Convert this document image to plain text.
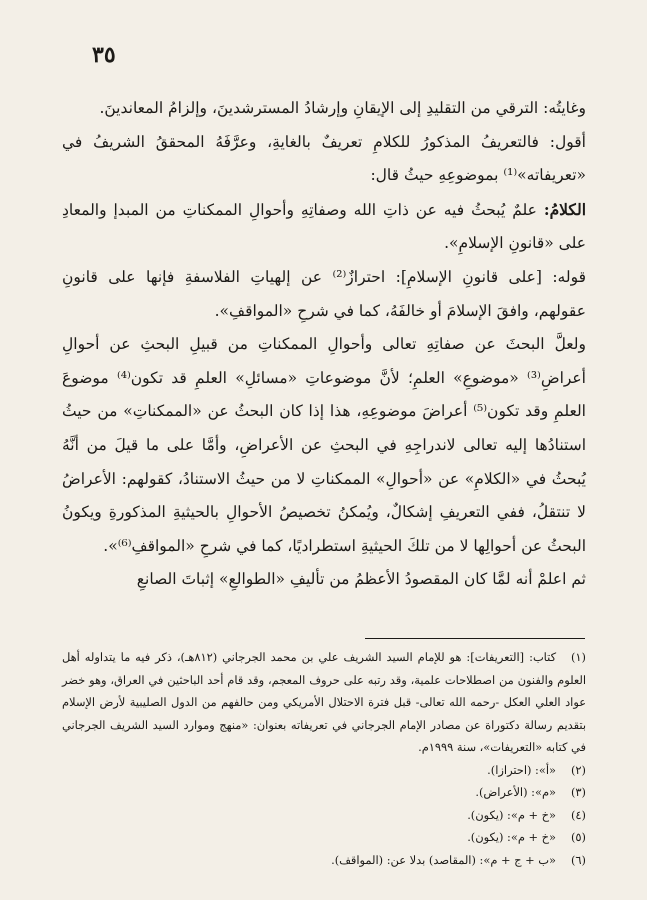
٣٥

وغايتُه: الترقي من التقليدِ إلى الإيقانِ وإرشادُ المسترشدينَ، وإلزامُ المعاندينَ.

أقول: فالتعريفُ المذكورُ للكلامِ تعريفٌ بالغايةِ، وعرَّفَهُ المحققُ الشريفُ في «تعريفاته»⁽¹⁾ بموضوعِهِ حيثُ قال:

الكلامُ: علمٌ يُبحثُ فيه عن ذاتِ الله وصفاتِهِ وأحوالِ الممكناتِ من المبدإ والمعادِ على «قانونِ الإسلامِ».

قوله: [على قانونِ الإسلامِ]: احترازٌ⁽²⁾ عن إلهياتِ الفلاسفةِ فإنها على قانونِ عقولهم، وافقَ الإسلامَ أو خالفَهُ، كما في شرحِ «المواقفِ».

ولعلَّ البحثَ عن صفاتِهِ تعالى وأحوالِ الممكناتِ من قبيلِ البحثِ عن أحوالِ أعراضِ⁽³⁾ «موضوعِ» العلمِ؛ لأنَّ موضوعاتِ «مسائلِ» العلمِ قد تكون⁽⁴⁾ موضوعَ العلمِ وقد تكون⁽⁵⁾ أعراضَ موضوعِهِ، هذا إذا كان البحثُ عن «الممكناتِ» من حيثُ استنادُها إليه تعالى لاندراجِهِ في البحثِ عن الأعراضِ، وأمَّا على ما قيلَ من أنَّهُ يُبحثُ في «الكلامِ» عن «أحوالِ» الممكناتِ لا من حيثُ الاستنادُ، كقولهم: الأعراضُ لا تنتقلُ، ففي التعريفِ إشكالٌ، ويُمكنُ تخصيصُ الأحوالِ بالحيثيةِ المذكورةِ ويكونُ البحثُ عن أحوالِها لا من تلكَ الحيثيةِ استطراديًا، كما في شرحِ «المواقفِ⁽⁶⁾».

ثم اعلمْ أنه لمَّا كان المقصودُ الأعظمُ من تأليفِ «الطوالعِ» إثباتَ الصانعِ

(١)كتاب: [التعريفات]: هو للإمام السيد الشريف علي بن محمد الجرجاني (٨١٢هـ)، ذكر فيه ما يتداوله أهل العلوم والفنون من اصطلاحات علمية، وقد رتبه على حروف المعجم، وقد قام أحد الباحثين في العراق، وهو خضر عواد العلي العكل -رحمه الله تعالى- قبل فترة الاحتلال الأمريكي ومن حالفهم من الدول الصليبية لأرض الإسلام بتقديم رسالة دكتوراة عن مصادر الإمام الجرجاني في تعريفاته بعنوان: «منهج وموارد السيد الشريف الجرجاني في كتابه «التعريفات»، سنة ١٩٩٩م.

(٢)«أ»: (احترازا).

(٣)«م»: (الأعراض).

(٤)«خ + م»: (يكون).

(٥)«خ + م»: (يكون).

(٦)«ب + ج + م»: (المقاصد) بدلا عن: (المواقف).
